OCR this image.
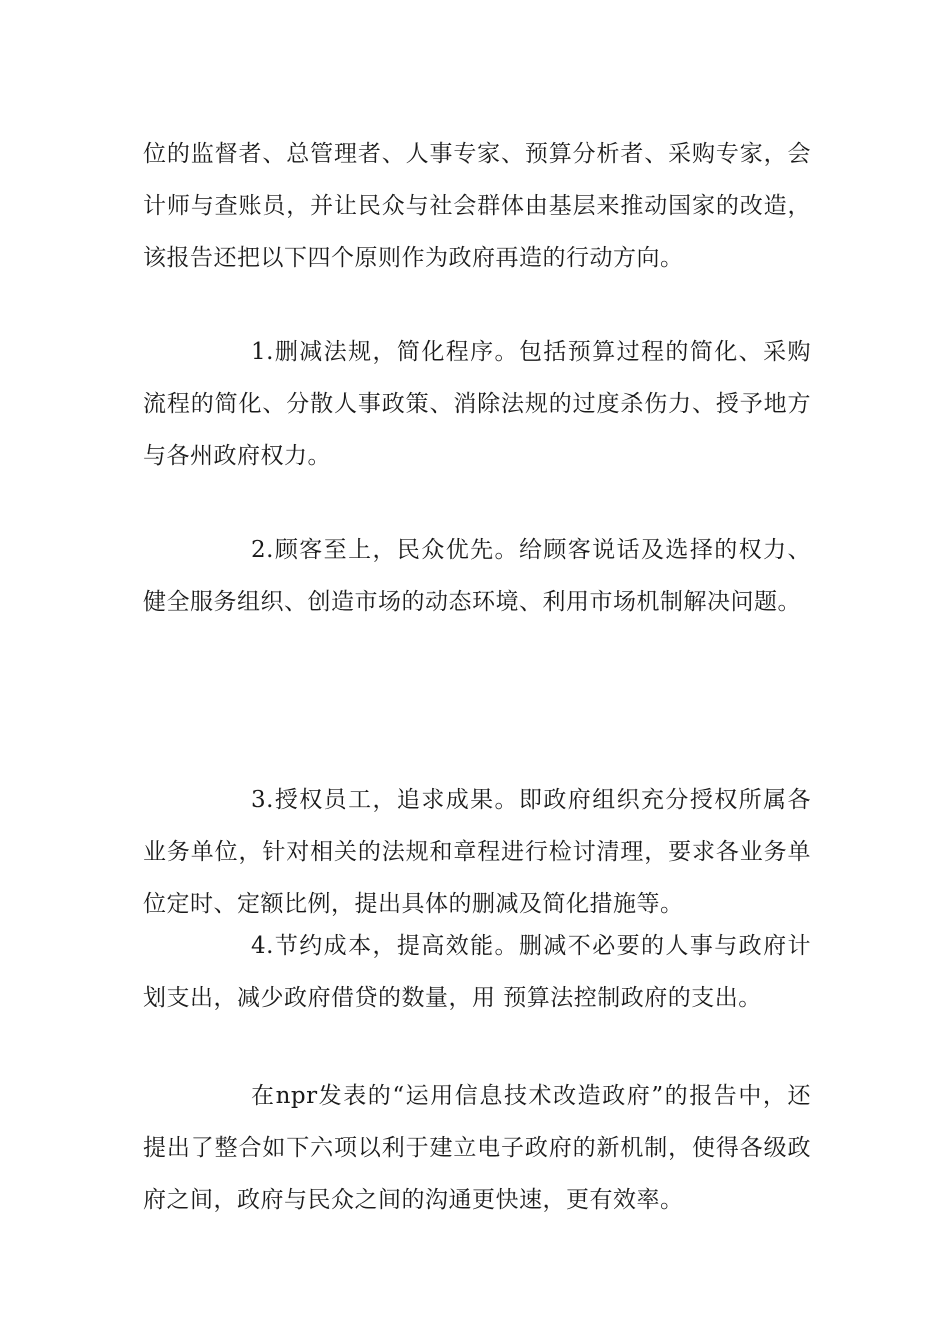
位的监督者、总管理者、人事专家、预算分析者、采购专家，会计师与查账员，并让民众与社会群体由基层来推动国家的改造，该报告还把以下四个原则作为政府再造的行动方向。

1.删减法规，简化程序。包括预算过程的简化、采购流程的简化、分散人事政策、消除法规的过度杀伤力、授予地方与各州政府权力。

2.顾客至上，民众优先。给顾客说话及选择的权力、健全服务组织、创造市场的动态环境、利用市场机制解决问题。

3.授权员工，追求成果。即政府组织充分授权所属各业务单位，针对相关的法规和章程进行检讨清理，要求各业务单位定时、定额比例，提出具体的删减及简化措施等。

4.节约成本，提高效能。删减不必要的人事与政府计划支出，减少政府借贷的数量，用 预算法控制政府的支出。

在npr发表的“运用信息技术改造政府”的报告中，还提出了整合如下六项以利于建立电子政府的新机制，使得各级政府之间，政府与民众之间的沟通更快速，更有效率。
